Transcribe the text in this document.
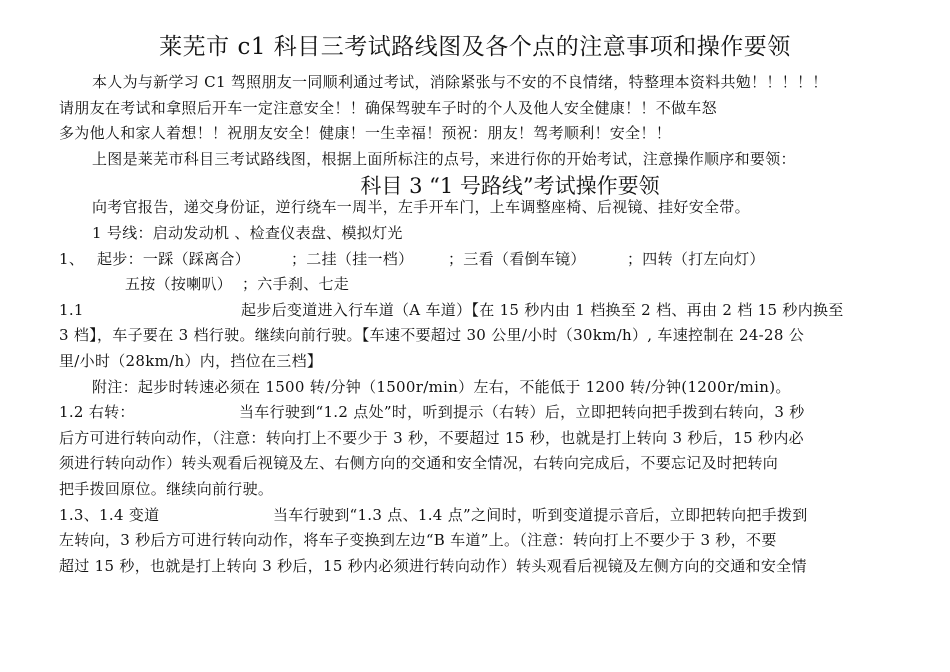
莱芜市 c1 科目三考试路线图及各个点的注意事项和操作要领
科目 3 “1 号路线”考试操作要领

本人为与新学习 C1 驾照朋友一同顺利通过考试，消除紧张与不安的不良情绪，特整理本资料共勉！！！！！

请朋友在考试和拿照后开车一定注意安全！！确保驾驶车子时的个人及他人安全健康！！不做车怒

多为他人和家人着想！！祝朋友安全！健康！一生幸福！预祝：朋友！驾考顺利！安全！！

上图是莱芜市科目三考试路线图，根据上面所标注的点号，来进行你的开始考试，注意操作顺序和要领：

向考官报告，递交身份证，逆行绕车一周半，左手开车门，上车调整座椅、后视镜、挂好安全带。

1 号线：启动发动机 、检查仪表盘、模拟灯光

1、 起步：一踩（踩离合）	；二挂（挂一档） ；三看（看倒车镜）	；四转（打左向灯）

五按（按喇叭） ；六手刹、七走

1.1	起步后变道进入行车道（A 车道）【在 15 秒内由 1 档换至 2 档、再由 2 档 15 秒内换至

3 档】，车子要在 3 档行驶。继续向前行驶。【车速不要超过 30 公里/小时（30km/h）, 车速控制在 24-28 公

里/小时（28km/h）内，挡位在三档】

附注：起步时转速必须在 1500 转/分钟（1500r/min）左右，不能低于 1200 转/分钟(1200r/min)。

1.2 右转：	当车行驶到“1.2 点处”时，听到提示（右转）后，立即把转向把手拨到右转向，3 秒

后方可进行转向动作，（注意：转向打上不要少于 3 秒，不要超过 15 秒，也就是打上转向 3 秒后，15 秒内必

须进行转向动作）转头观看后视镜及左、右侧方向的交通和安全情况，右转向完成后，不要忘记及时把转向

把手拨回原位。继续向前行驶。

1.3、1.4 变道	当车行驶到“1.3 点、1.4 点”之间时，听到变道提示音后，立即把转向把手拨到

左转向，3 秒后方可进行转向动作，将车子变换到左边“B 车道”上。（注意：转向打上不要少于 3 秒，不要

超过 15 秒，也就是打上转向 3 秒后，15 秒内必须进行转向动作）转头观看后视镜及左侧方向的交通和安全情
